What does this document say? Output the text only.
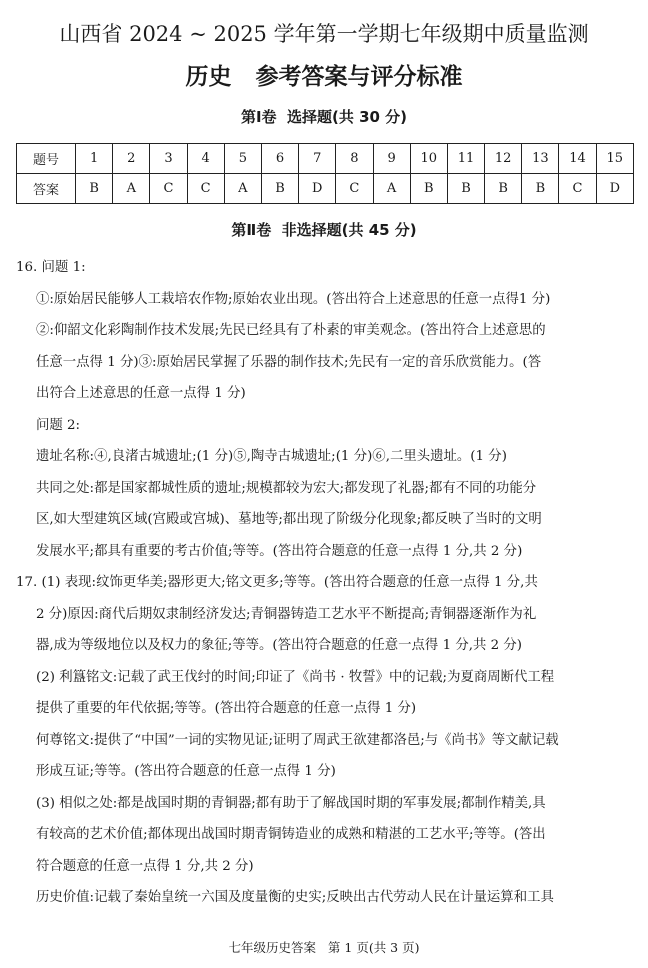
山西省 2024 ~ 2025 学年第一学期七年级期中质量监测
历史   参考答案与评分标准
第Ⅰ卷  选择题(共 30 分)
题号	1	2	3	4	5	6	7	8	9	10	11	12	13	14	15
答案	B	A	C	C	A	B	D	C	A	B	B	B	B	C	D
第Ⅱ卷  非选择题(共 45 分)

16. 问题 1:

①:原始居民能够人工栽培农作物;原始农业出现。(答出符合上述意思的任意一点得1 分)

②:仰韶文化彩陶制作技术发展;先民已经具有了朴素的审美观念。(答出符合上述意思的

任意一点得 1 分)③:原始居民掌握了乐器的制作技术;先民有一定的音乐欣赏能力。(答

出符合上述意思的任意一点得 1 分)

问题 2:

遗址名称:④,良渚古城遗址;(1 分)⑤,陶寺古城遗址;(1 分)⑥,二里头遗址。(1 分)

共同之处:都是国家都城性质的遗址;规模都较为宏大;都发现了礼器;都有不同的功能分

区,如大型建筑区域(宫殿或宫城)、墓地等;都出现了阶级分化现象;都反映了当时的文明

发展水平;都具有重要的考古价值;等等。(答出符合题意的任意一点得 1 分,共 2 分)

17. (1) 表现:纹饰更华美;器形更大;铭文更多;等等。(答出符合题意的任意一点得 1 分,共

2 分)原因:商代后期奴隶制经济发达;青铜器铸造工艺水平不断提高;青铜器逐渐作为礼

器,成为等级地位以及权力的象征;等等。(答出符合题意的任意一点得 1 分,共 2 分)

(2) 利簋铭文:记载了武王伐纣的时间;印证了《尚书 · 牧誓》中的记载;为夏商周断代工程

提供了重要的年代依据;等等。(答出符合题意的任意一点得 1 分)

何尊铭文:提供了“中国”一词的实物见证;证明了周武王欲建都洛邑;与《尚书》等文献记载

形成互证;等等。(答出符合题意的任意一点得 1 分)

(3) 相似之处:都是战国时期的青铜器;都有助于了解战国时期的军事发展;都制作精美,具

有较高的艺术价值;都体现出战国时期青铜铸造业的成熟和精湛的工艺水平;等等。(答出

符合题意的任意一点得 1 分,共 2 分)

历史价值:记载了秦始皇统一六国及度量衡的史实;反映出古代劳动人民在计量运算和工具

七年级历史答案   第 1 页(共 3 页)
